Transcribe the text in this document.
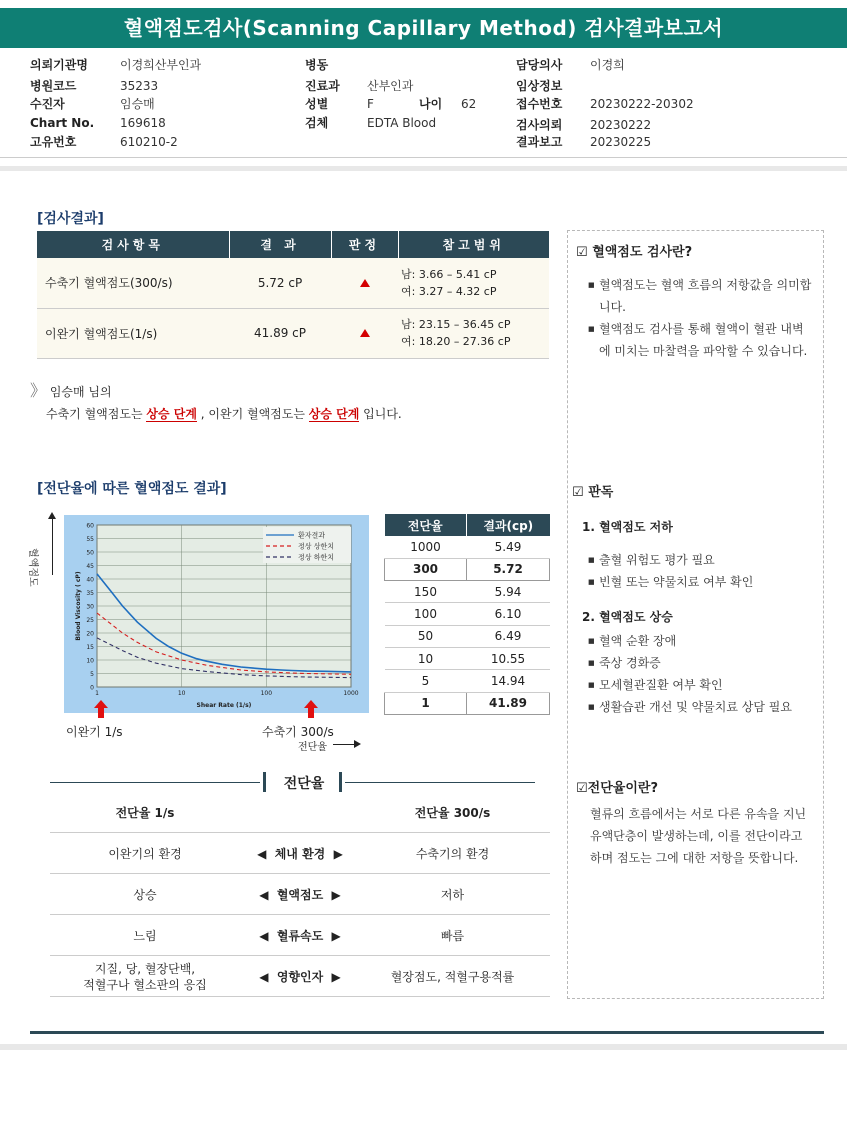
혈액점도검사(Scanning Capillary Method) 검사결과보고서
의뢰기관명	이경희산부인과
병원코드	35233
수진자	임승매
Chart No. 169618
고유번호	610210-2
병동
진료과 산부인과
성별	F	나이 62
검체	EDTA Blood
담당의사 이경희
임상정보
접수번호 20230222-20302
검사의뢰 20230222
결과보고 20230225
[검사결과]
검사항목	결 과	판정	참고범위
수축기 혈액점도(300/s)	5.72 cP		남: 3.66 – 5.41 cP
여: 3.27 – 4.32 cP

이완기 혈액점도(1/s)	41.89 cP		남: 23.15 – 36.45 cP
여: 18.20 – 27.36 cP
》 임승매 님의
수축기 혈액점도는 상승 단계 , 이완기 혈액점도는 상승 단계 입니다.
[전단율에 따른 혈액점도 결과]
혈액점도
0
5
10
15
20
25
30
35
40
45
50
55
60
1	10	100	1000
Shear Rate (1/s)
Blood Viscosity ( cP)
환자결과
정상 상한치
정상 하한치
이완기 1/s	수축기 300/s
전단율
전단율	결과(cp)
1000	5.49
300	5.72
150	5.94
100	6.10
50	6.49
10	10.55
5	14.94
1	41.89
전단율
전단율 1/s	전단율 300/s
이완기의 환경	◀ 체내 환경 ▶	수축기의 환경
상승	◀ 혈액점도 ▶	저하
느림	◀ 혈류속도 ▶	빠름
지질, 당, 혈장단백,
적혈구나 혈소판의 응집
◀ 영향인자 ▶	혈장점도, 적혈구용적률
☑ 혈액점도 검사란?
■ 혈액점도는 혈액 흐름의 저항값을 의미합니다.
■ 혈액점도 검사를 통해 혈액이 혈관 내벽에 미치는 마찰력을 파악할 수 있습니다.
☑ 판독
1. 혈액점도 저하
■ 출혈 위험도 평가 필요
■ 빈혈 또는 약물치료 여부 확인
2. 혈액점도 상승
■ 혈액 순환 장애
■ 죽상 경화증
■ 모세혈관질환 여부 확인
■ 생활습관 개선 및 약물치료 상담 필요
☑전단율이란?
혈류의 흐름에서는 서로 다른 유속을 지닌 유액단층이 발생하는데, 이를 전단이라고 하며 점도는 그에 대한 저항을 뜻합니다.
